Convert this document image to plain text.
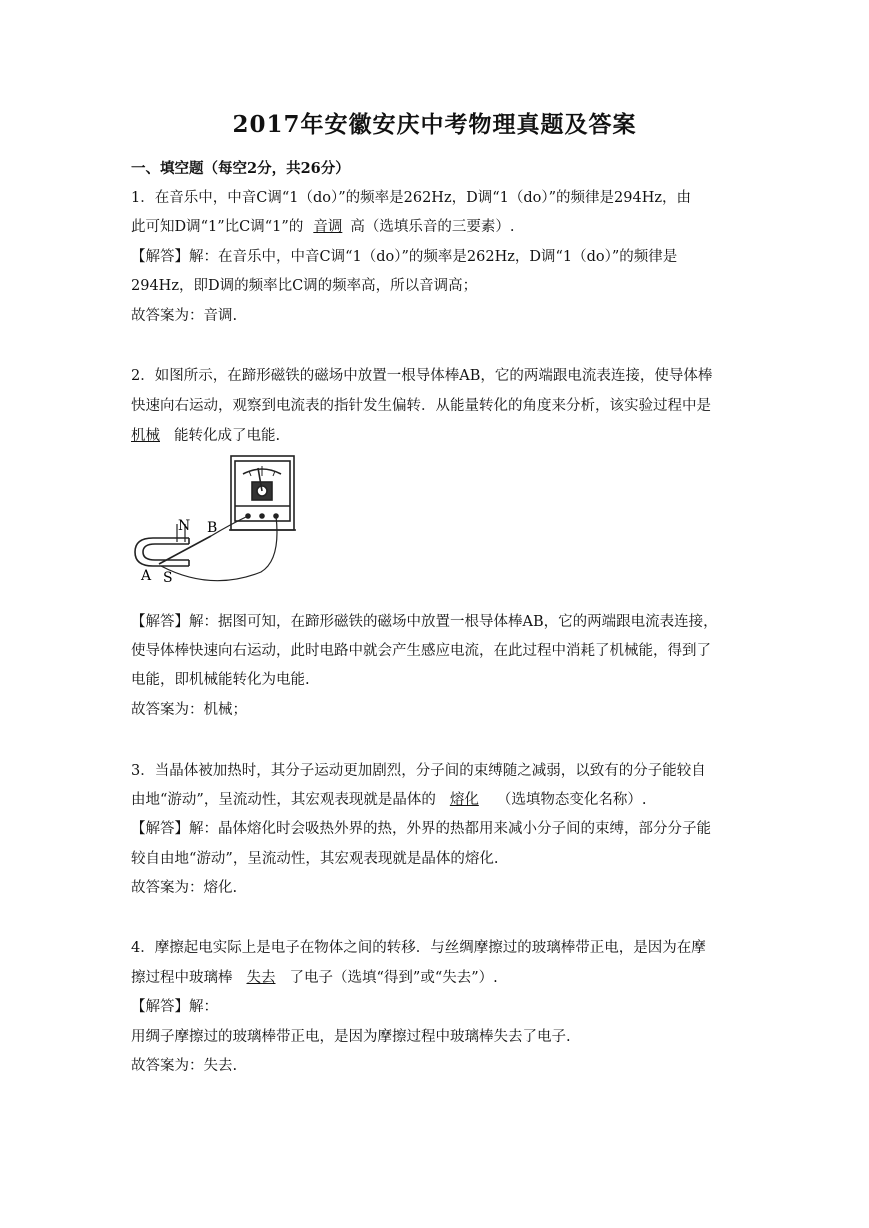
2017年安徽安庆中考物理真题及答案
一、填空题（每空2分，共26分）
1．在音乐中，中音C调“1（do）”的频率是262Hz，D调“1（do）”的频律是294Hz，由
此可知D调“1”比C调“1”的 音调 高（选填乐音的三要素）.
【解答】解：在音乐中，中音C调“1（do）”的频率是262Hz，D调“1（do）”的频律是
294Hz，即D调的频率比C调的频率高，所以音调高；
故答案为：音调.
2．如图所示，在蹄形磁铁的磁场中放置一根导体棒AB，它的两端跟电流表连接，使导体棒
快速向右运动，观察到电流表的指针发生偏转．从能量转化的角度来分析，该实验过程中是
机械 能转化成了电能.
N B
A S
【解答】解：据图可知，在蹄形磁铁的磁场中放置一根导体棒AB，它的两端跟电流表连接，
使导体棒快速向右运动，此时电路中就会产生感应电流，在此过程中消耗了机械能，得到了
电能，即机械能转化为电能.
故答案为：机械；
3．当晶体被加热时，其分子运动更加剧烈，分子间的束缚随之减弱，以致有的分子能较自
由地“游动”，呈流动性，其宏观表现就是晶体的 熔化 （选填物态变化名称）.
【解答】解：晶体熔化时会吸热外界的热，外界的热都用来减小分子间的束缚，部分分子能
较自由地“游动”，呈流动性，其宏观表现就是晶体的熔化.
故答案为：熔化.
4．摩擦起电实际上是电子在物体之间的转移．与丝绸摩擦过的玻璃棒带正电，是因为在摩
擦过程中玻璃棒 失去 了电子（选填“得到”或“失去”）.
【解答】解：
用绸子摩擦过的玻璃棒带正电，是因为摩擦过程中玻璃棒失去了电子.
故答案为：失去.
